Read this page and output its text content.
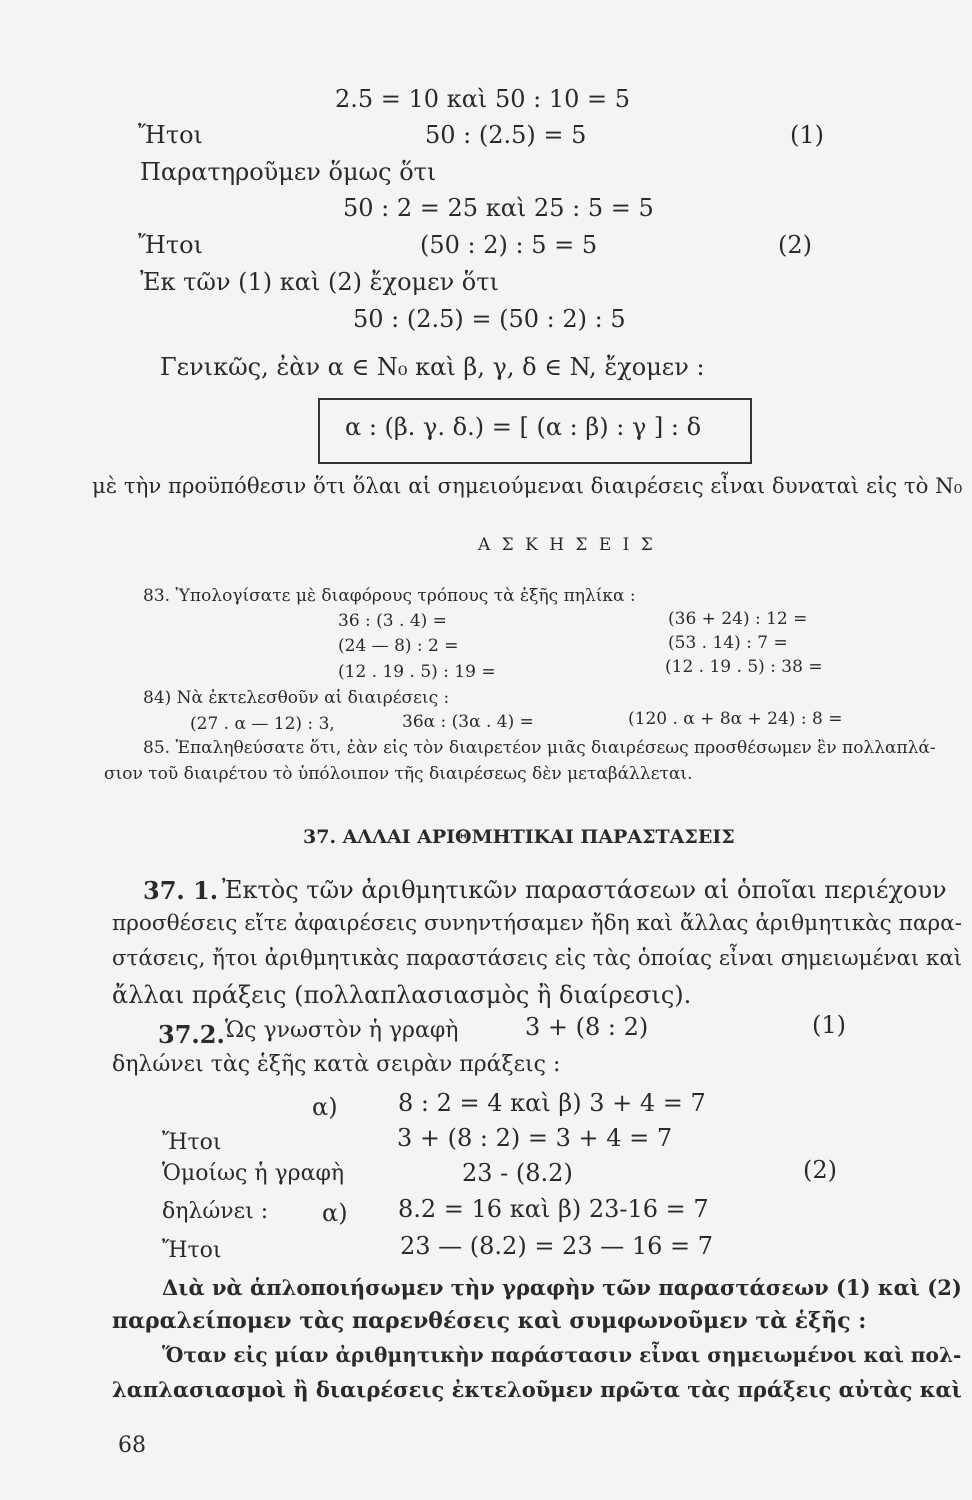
2.5 = 10 καὶ 50 : 10 = 5
Ἤτοι	50 : (2.5) = 5	(1)
Παρατηροῦμεν ὅμως ὅτι
50 : 2 = 25 καὶ 25 : 5 = 5
Ἤτοι	(50 : 2) : 5 = 5	(2)
Ἐκ τῶν (1) καὶ (2) ἔχομεν ὅτι
50 : (2.5) = (50 : 2) : 5
Γενικῶς, ἐὰν α ∈ N₀ καὶ β, γ, δ ∈ N, ἔχομεν :
α : (β. γ. δ.) = [ (α : β) : γ ] : δ
μὲ τὴν προϋπόθεσιν ὅτι ὅλαι αἱ σημειούμεναι διαιρέσεις εἶναι δυναταὶ εἰς τὸ N₀
Α Σ Κ Η Σ Ε Ι Σ
83. Ὑπολογίσατε μὲ διαφόρους τρόπους τὰ ἑξῆς πηλίκα :
36 : (3 . 4) =	(36 + 24) : 12 =
(24 — 8) : 2 =	(53 . 14) : 7 =
(12 . 19 . 5) : 19 =	(12 . 19 . 5) : 38 =
84) Νὰ ἐκτελεσθοῦν αἱ διαιρέσεις :
(27 . α — 12) : 3,	36α : (3α . 4) =	(120 . α + 8α + 24) : 8 =
85. Ἐπαληθεύσατε ὅτι, ἐὰν εἰς τὸν διαιρετέον μιᾶς διαιρέσεως προσθέσωμεν ἓν πολλαπλά-
σιον τοῦ διαιρέτου τὸ ὑπόλοιπον τῆς διαιρέσεως δὲν μεταβάλλεται.
37. ΑΛΛΑΙ ΑΡΙΘΜΗΤΙΚΑΙ ΠΑΡΑΣΤΑΣΕΙΣ
37. 1. Ἐκτὸς τῶν ἀριθμητικῶν παραστάσεων αἱ ὁποῖαι περιέχουν
προσθέσεις εἴτε ἀφαιρέσεις συνηντήσαμεν ἤδη καὶ ἄλλας ἀριθμητικὰς παρα-
στάσεις, ἤτοι ἀριθμητικὰς παραστάσεις εἰς τὰς ὁποίας εἶναι σημειωμέναι καὶ
ἄλλαι πράξεις (πολλαπλασιασμὸς ἢ διαίρεσις).
37.2. Ὡς γνωστὸν ἡ γραφὴ	3 + (8 : 2)	(1)
δηλώνει τὰς ἑξῆς κατὰ σειρὰν πράξεις :
α)	8 : 2 = 4 καὶ β) 3 + 4 = 7
Ἤτοι	3 + (8 : 2) = 3 + 4 = 7
Ὁμοίως ἡ γραφὴ	23 - (8.2)	(2)
δηλώνει : α) 8.2 = 16 καὶ β) 23-16 = 7
Ἤτοι	23 — (8.2) = 23 — 16 = 7
Διὰ νὰ ἁπλοποιήσωμεν τὴν γραφὴν τῶν παραστάσεων (1) καὶ (2)
παραλείπομεν τὰς παρενθέσεις καὶ συμφωνοῦμεν τὰ ἑξῆς :
Ὅταν εἰς μίαν ἀριθμητικὴν παράστασιν εἶναι σημειωμένοι καὶ πολ-
λαπλασιασμοὶ ἢ διαιρέσεις ἐκτελοῦμεν πρῶτα τὰς πράξεις αὐτὰς καὶ
68
